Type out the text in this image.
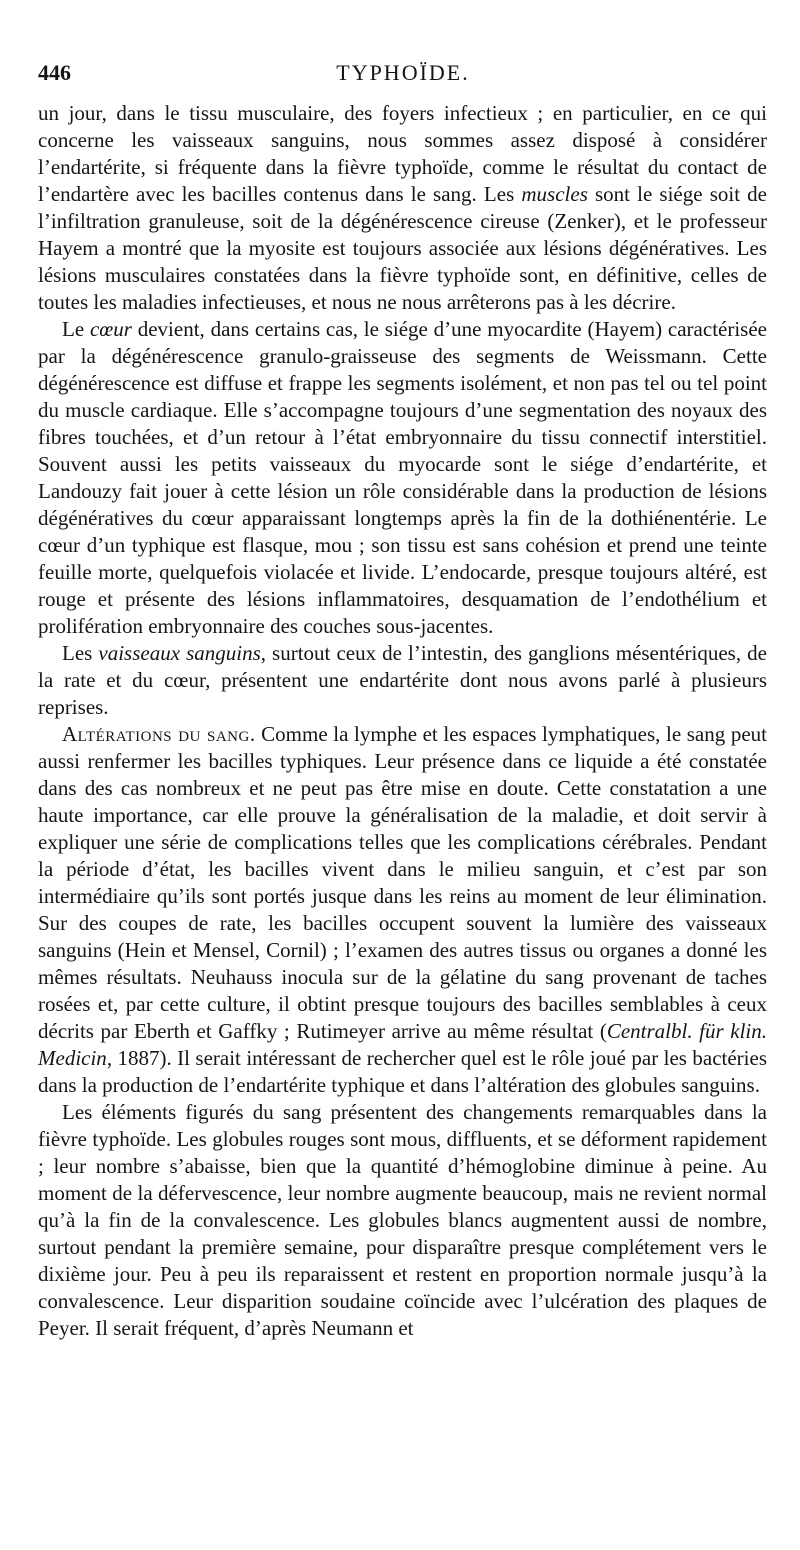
446	TYPHOÏDE.

un jour, dans le tissu musculaire, des foyers infectieux ; en particulier, en ce qui concerne les vaisseaux sanguins, nous sommes assez disposé à considérer l’endartérite, si fréquente dans la fièvre typhoïde, comme le résultat du contact de l’endartère avec les bacilles contenus dans le sang. Les muscles sont le siége soit de l’infiltration granuleuse, soit de la dégénérescence cireuse (Zenker), et le professeur Hayem a montré que la myosite est toujours associée aux lésions dégénératives. Les lésions musculaires constatées dans la fièvre typhoïde sont, en définitive, celles de toutes les maladies infectieuses, et nous ne nous arrêterons pas à les décrire.

Le cœur devient, dans certains cas, le siége d’une myocardite (Hayem) caractérisée par la dégénérescence granulo-graisseuse des segments de Weissmann. Cette dégénérescence est diffuse et frappe les segments isolément, et non pas tel ou tel point du muscle cardiaque. Elle s’accompagne toujours d’une segmentation des noyaux des fibres touchées, et d’un retour à l’état embryonnaire du tissu connectif interstitiel. Souvent aussi les petits vaisseaux du myocarde sont le siége d’endartérite, et Landouzy fait jouer à cette lésion un rôle considérable dans la production de lésions dégénératives du cœur apparaissant longtemps après la fin de la dothiénentérie. Le cœur d’un typhique est flasque, mou ; son tissu est sans cohésion et prend une teinte feuille morte, quelquefois violacée et livide. L’endocarde, presque toujours altéré, est rouge et présente des lésions inflammatoires, desquamation de l’endothélium et prolifération embryonnaire des couches sous-jacentes.

Les vaisseaux sanguins, surtout ceux de l’intestin, des ganglions mésentériques, de la rate et du cœur, présentent une endartérite dont nous avons parlé à plusieurs reprises.

Altérations du sang. Comme la lymphe et les espaces lymphatiques, le sang peut aussi renfermer les bacilles typhiques. Leur présence dans ce liquide a été constatée dans des cas nombreux et ne peut pas être mise en doute. Cette constatation a une haute importance, car elle prouve la généralisation de la maladie, et doit servir à expliquer une série de complications telles que les complications cérébrales. Pendant la période d’état, les bacilles vivent dans le milieu sanguin, et c’est par son intermédiaire qu’ils sont portés jusque dans les reins au moment de leur élimination. Sur des coupes de rate, les bacilles occupent souvent la lumière des vaisseaux sanguins (Hein et Mensel, Cornil) ; l’examen des autres tissus ou organes a donné les mêmes résultats. Neuhauss inocula sur de la gélatine du sang provenant de taches rosées et, par cette culture, il obtint presque toujours des bacilles semblables à ceux décrits par Eberth et Gaffky ; Rutimeyer arrive au même résultat (Centralbl. für klin. Medicin, 1887). Il serait intéressant de rechercher quel est le rôle joué par les bactéries dans la production de l’endartérite typhique et dans l’altération des globules sanguins.

Les éléments figurés du sang présentent des changements remarquables dans la fièvre typhoïde. Les globules rouges sont mous, diffluents, et se déforment rapidement ; leur nombre s’abaisse, bien que la quantité d’hémoglobine diminue à peine. Au moment de la défervescence, leur nombre augmente beaucoup, mais ne revient normal qu’à la fin de la convalescence. Les globules blancs augmentent aussi de nombre, surtout pendant la première semaine, pour disparaître presque complétement vers le dixième jour. Peu à peu ils reparaissent et restent en proportion normale jusqu’à la convalescence. Leur disparition soudaine coïncide avec l’ulcération des plaques de Peyer. Il serait fréquent, d’après Neumann et
